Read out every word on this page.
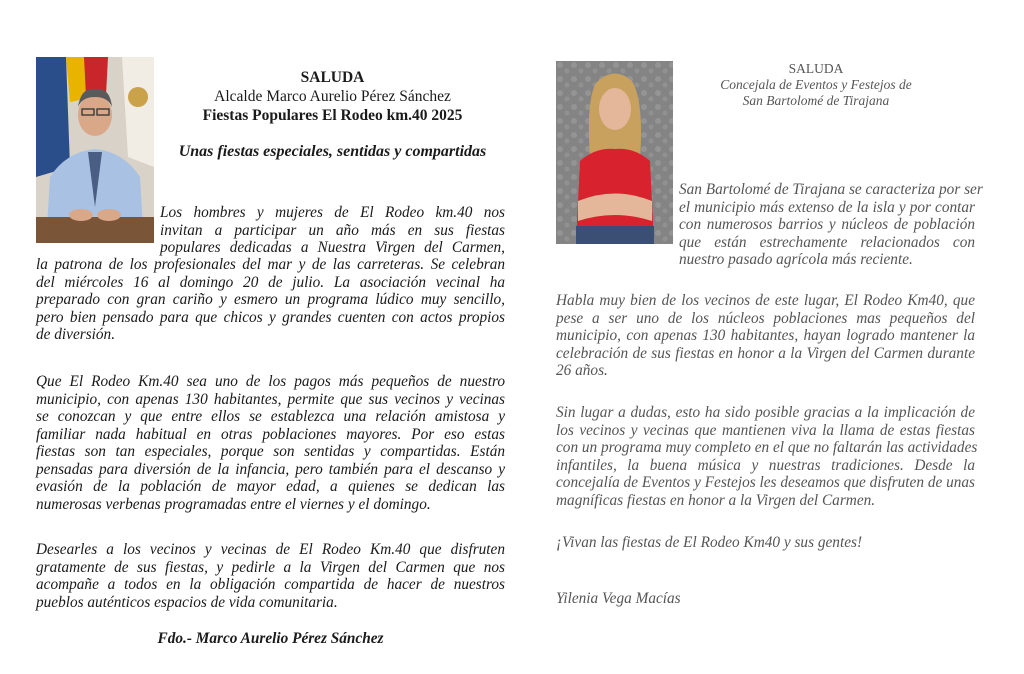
SALUDA
Alcalde Marco Aurelio Pérez Sánchez
Fiestas Populares El Rodeo km.40 2025
Unas fiestas especiales, sentidas y compartidas
Los hombres y mujeres de El Rodeo km.40 nos
invitan a participar un año más en sus fiestas
populares dedicadas a Nuestra Virgen del Carmen,
la patrona de los profesionales del mar y de las carreteras. Se celebran
del miércoles 16 al domingo 20 de julio. La asociación vecinal ha
preparado con gran cariño y esmero un programa lúdico muy sencillo,
pero bien pensado para que chicos y grandes cuenten con actos propios
de diversión.
Que El Rodeo Km.40 sea uno de los pagos más pequeños de nuestro
municipio, con apenas 130 habitantes, permite que sus vecinos y vecinas
se conozcan y que entre ellos se establezca una relación amistosa y
familiar nada habitual en otras poblaciones mayores. Por eso estas
fiestas son tan especiales, porque son sentidas y compartidas. Están
pensadas para diversión de la infancia, pero también para el descanso y
evasión de la población de mayor edad, a quienes se dedican las
numerosas verbenas programadas entre el viernes y el domingo.
Desearles a los vecinos y vecinas de El Rodeo Km.40 que disfruten
gratamente de sus fiestas, y pedirle a la Virgen del Carmen que nos
acompañe a todos en la obligación compartida de hacer de nuestros
pueblos auténticos espacios de vida comunitaria.
Fdo.- Marco Aurelio Pérez Sánchez
SALUDA
Concejala de Eventos y Festejos de
San Bartolomé de Tirajana
San Bartolomé de Tirajana se caracteriza por ser
el municipio más extenso de la isla y por contar
con numerosos barrios y núcleos de población
que están estrechamente relacionados con
nuestro pasado agrícola más reciente.
Habla muy bien de los vecinos de este lugar, El Rodeo Km40, que
pese a ser uno de los núcleos poblaciones mas pequeños del
municipio, con apenas 130 habitantes, hayan logrado mantener la
celebración de sus fiestas en honor a la Virgen del Carmen durante
26 años.
Sin lugar a dudas, esto ha sido posible gracias a la implicación de
los vecinos y vecinas que mantienen viva la llama de estas fiestas
con un programa muy completo en el que no faltarán las actividades
infantiles, la buena música y nuestras tradiciones. Desde la
concejalía de Eventos y Festejos les deseamos que disfruten de unas
magníficas fiestas en honor a la Virgen del Carmen.
¡Vivan las fiestas de El Rodeo Km40 y sus gentes!
Yilenia Vega Macías
